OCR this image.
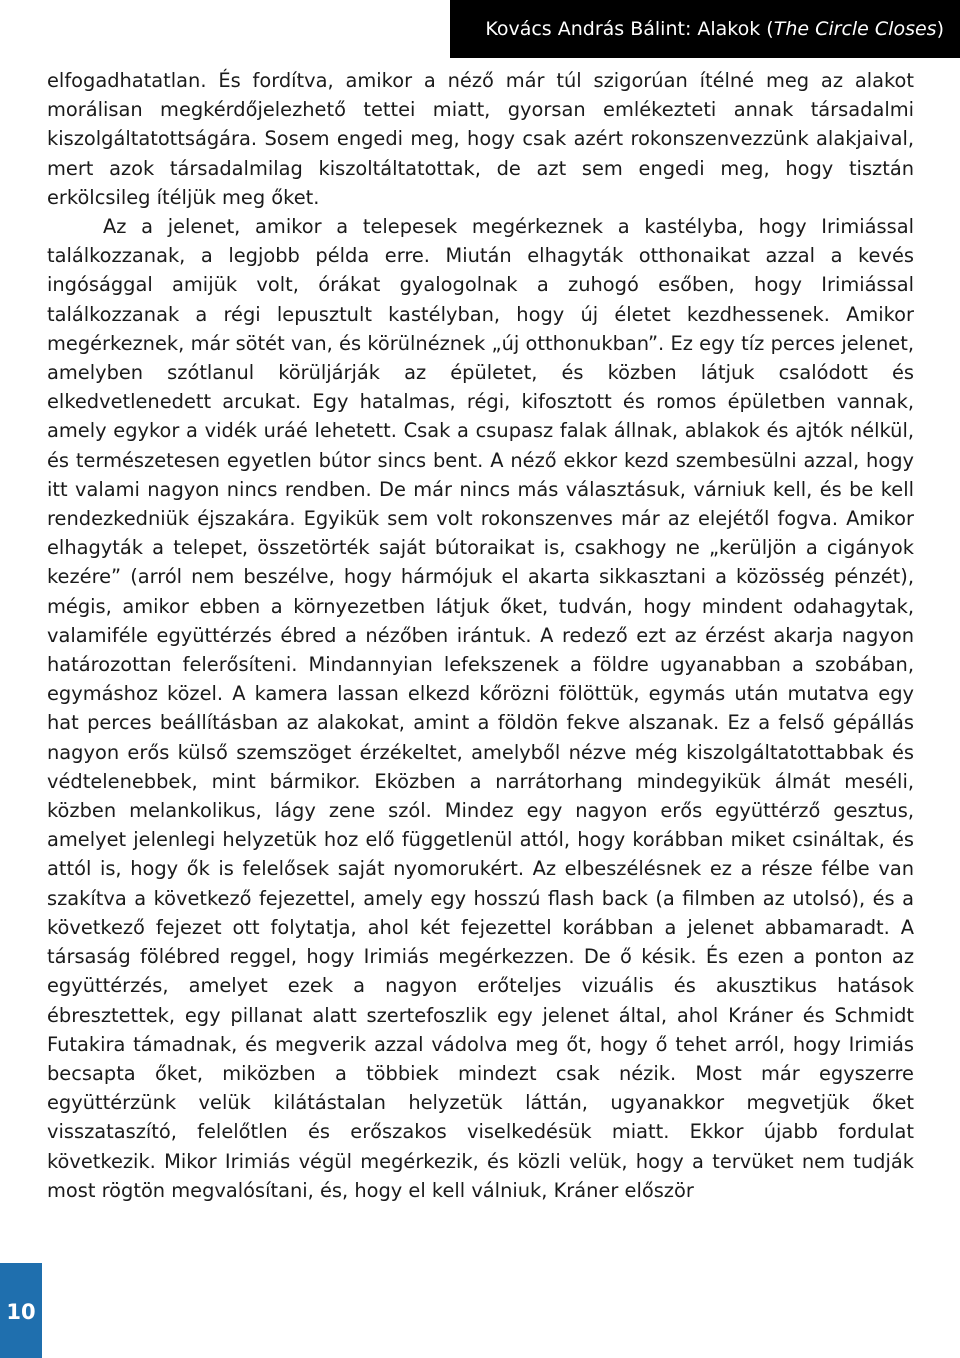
Kovács András Bálint: Alakok ( The Circle Closes )

elfogadhatatlan. És fordítva, amikor a néző már túl szigorúan ítélné meg az alakot morálisan megkérdőjelezhető tettei miatt, gyorsan emlékezteti annak társadalmi kiszolgáltatottságára. Sosem engedi meg, hogy csak azért rokonszenvezzünk alakjaival, mert azok társadalmilag kiszoltáltatottak, de azt sem engedi meg, hogy tisztán erkölcsileg ítéljük meg őket.

Az a jelenet, amikor a telepesek megérkeznek a kastélyba, hogy Irimiással találkozzanak, a legjobb példa erre. Miután elhagyták otthonaikat azzal a kevés ingósággal amijük volt, órákat gyalogolnak a zuhogó esőben, hogy Irimiással találkozzanak a régi lepusztult kastélyban, hogy új életet kezdhessenek. Amikor megérkeznek, már sötét van, és körülnéznek „új otthonukban”. Ez egy tíz perces jelenet, amelyben szótlanul körüljárják az épületet, és közben látjuk csalódott és elkedvetlenedett arcukat. Egy hatalmas, régi, kifosztott és romos épületben vannak, amely egykor a vidék uráé lehetett. Csak a csupasz falak állnak, ablakok és ajtók nélkül, és természetesen egyetlen bútor sincs bent. A néző ekkor kezd szembesülni azzal, hogy itt valami nagyon nincs rendben. De már nincs más választásuk, várniuk kell, és be kell rendezkedniük éjszakára. Egyikük sem volt rokonszenves már az elejétől fogva. Amikor elhagyták a telepet, összetörték saját bútoraikat is, csakhogy ne „kerüljön a cigányok kezére” (arról nem beszélve, hogy hármójuk el akarta sikkasztani a közösség pénzét), mégis, amikor ebben a környezetben látjuk őket, tudván, hogy mindent odahagytak, valamiféle együttérzés ébred a nézőben irántuk. A redező ezt az érzést akarja nagyon határozottan felerősíteni. Mindannyian lefekszenek a földre ugyanabban a szobában, egymáshoz közel. A kamera lassan elkezd kőrözni fölöttük, egymás után mutatva egy hat perces beállításban az alakokat, amint a földön fekve alszanak. Ez a felső gépállás nagyon erős külső szemszöget érzékeltet, amelyből nézve még kiszolgáltatottabbak és védtelenebbek, mint bármikor. Eközben a narrátorhang mindegyikük álmát meséli, közben melankolikus, lágy zene szól. Mindez egy nagyon erős együttérző gesztus, amelyet jelenlegi helyzetük hoz elő függetlenül attól, hogy korábban miket csináltak, és attól is, hogy ők is felelősek saját nyomorukért. Az elbeszélésnek ez a része félbe van szakítva a következő fejezettel, amely egy hosszú flash back (a filmben az utolsó), és a következő fejezet ott folytatja, ahol két fejezettel korábban a jelenet abbamaradt. A társaság fölébred reggel, hogy Irimiás megérkezzen. De ő késik. És ezen a ponton az együttérzés, amelyet ezek a nagyon erőteljes vizuális és akusztikus hatások ébresztettek, egy pillanat alatt szertefoszlik egy jelenet által, ahol Kráner és Schmidt Futakira támadnak, és megverik azzal vádolva meg őt, hogy ő tehet arról, hogy Irimiás becsapta őket, miközben a többiek mindezt csak nézik. Most már egyszerre együttérzünk velük kilátástalan helyzetük láttán, ugyanakkor megvetjük őket visszataszító, felelőtlen és erőszakos viselkedésük miatt. Ekkor újabb fordulat következik. Mikor Irimiás végül megérkezik, és közli velük, hogy a tervüket nem tudják most rögtön megvalósítani, és, hogy el kell válniuk, Kráner először

10
